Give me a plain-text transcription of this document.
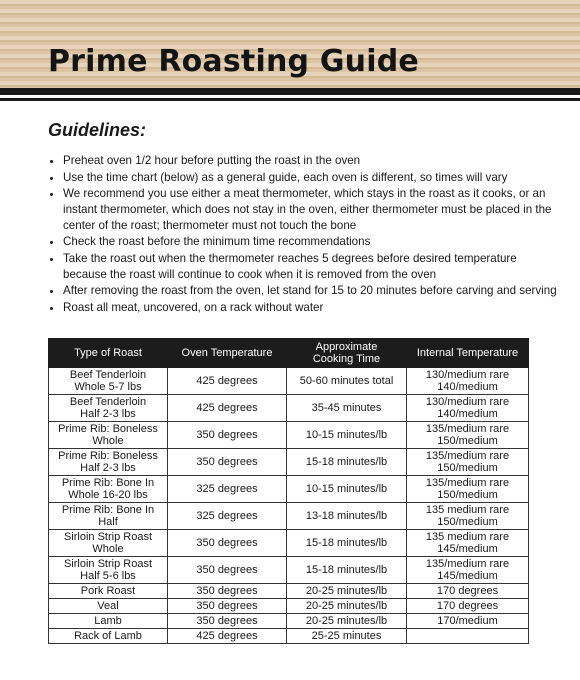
Prime Roasting Guide
Guidelines:
• Preheat oven 1/2 hour before putting the roast in the oven
• Use the time chart (below) as a general guide, each oven is different, so times will vary
• We recommend you use either a meat thermometer, which stays in the roast as it cooks, or an instant thermometer, which does not stay in the oven, either thermometer must be placed in the center of the roast; thermometer must not touch the bone
• Check the roast before the minimum time recommendations
• Take the roast out when the thermometer reaches 5 degrees before desired temperature because the roast will continue to cook when it is removed from the oven
• After removing the roast from the oven, let stand for 15 to 20 minutes before carving and serving
• Roast all meat, uncovered, on a rack without water
Type of Roast	Oven Temperature	Approximate Cooking Time	Internal Temperature
Beef Tenderloin Whole 5-7 lbs	425 degrees	50-60 minutes total	130/medium rare 140/medium
Beef Tenderloin Half 2-3 lbs	425 degrees	35-45 minutes	130/medium rare 140/medium
Prime Rib: Boneless Whole	350 degrees	10-15 minutes/lb	135/medium rare 150/medium
Prime Rib: Boneless Half 2-3 lbs	350 degrees	15-18 minutes/lb	135/medium rare 150/medium
Prime Rib: Bone In Whole 16-20 lbs	325 degrees	10-15 minutes/lb	135/medium rare 150/medium
Prime Rib: Bone In Half	325 degrees	13-18 minutes/lb	135 medium rare 150/medium
Sirloin Strip Roast Whole	350 degrees	15-18 minutes/lb	135 medium rare 145/medium
Sirloin Strip Roast Half 5-6 lbs	350 degrees	15-18 minutes/lb	135/medium rare 145/medium
Pork Roast	350 degrees	20-25 minutes/lb	170 degrees
Veal	350 degrees	20-25 minutes/lb	170 degrees
Lamb	350 degrees	20-25 minutes/lb	170/medium
Rack of Lamb	425 degrees	25-25 minutes	
